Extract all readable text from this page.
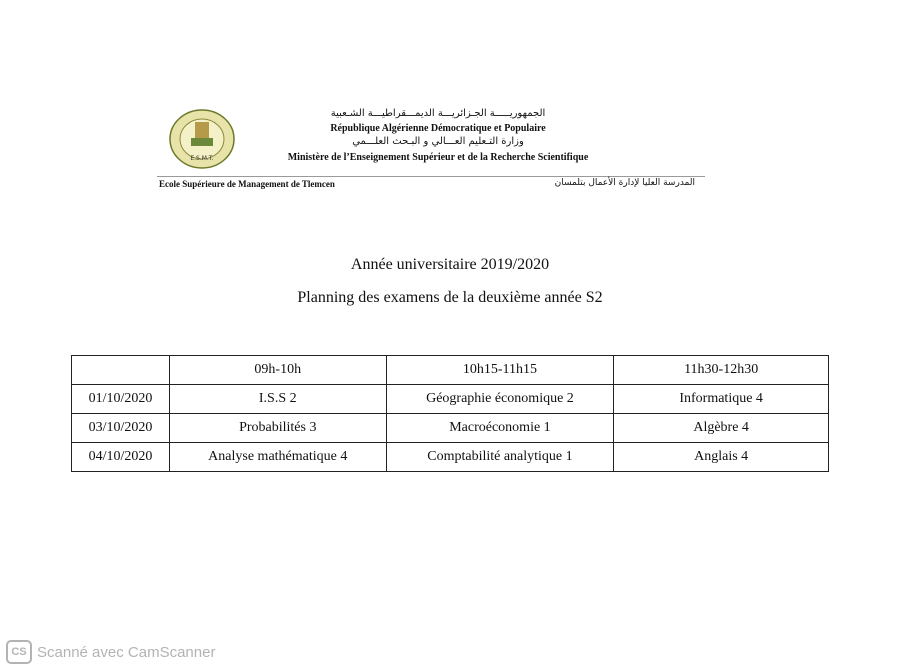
E.S.M.T.
الجمهوريـــــة الجـزائريـــة الديمـــقراطيـــة الشـعبية
République Algérienne Démocratique et Populaire
وزارة التـعليم العـــالي و البـحث العلـــمي
Ministère de l’Enseignement Supérieur et de la Recherche Scientifique
Ecole Supérieure de Management de Tlemcen	المدرسة العليا لإدارة الأعمال بتلمسان
Année universitaire 2019/2020
Planning des examens de la deuxième année S2
	09h-10h	10h15-11h15	11h30-12h30
01/10/2020	I.S.S 2	Géographie économique 2	Informatique 4
03/10/2020	Probabilités 3	Macroéconomie 1	Algèbre 4
04/10/2020	Analyse mathématique 4	Comptabilité analytique 1	Anglais 4
CS Scanné avec CamScanner
